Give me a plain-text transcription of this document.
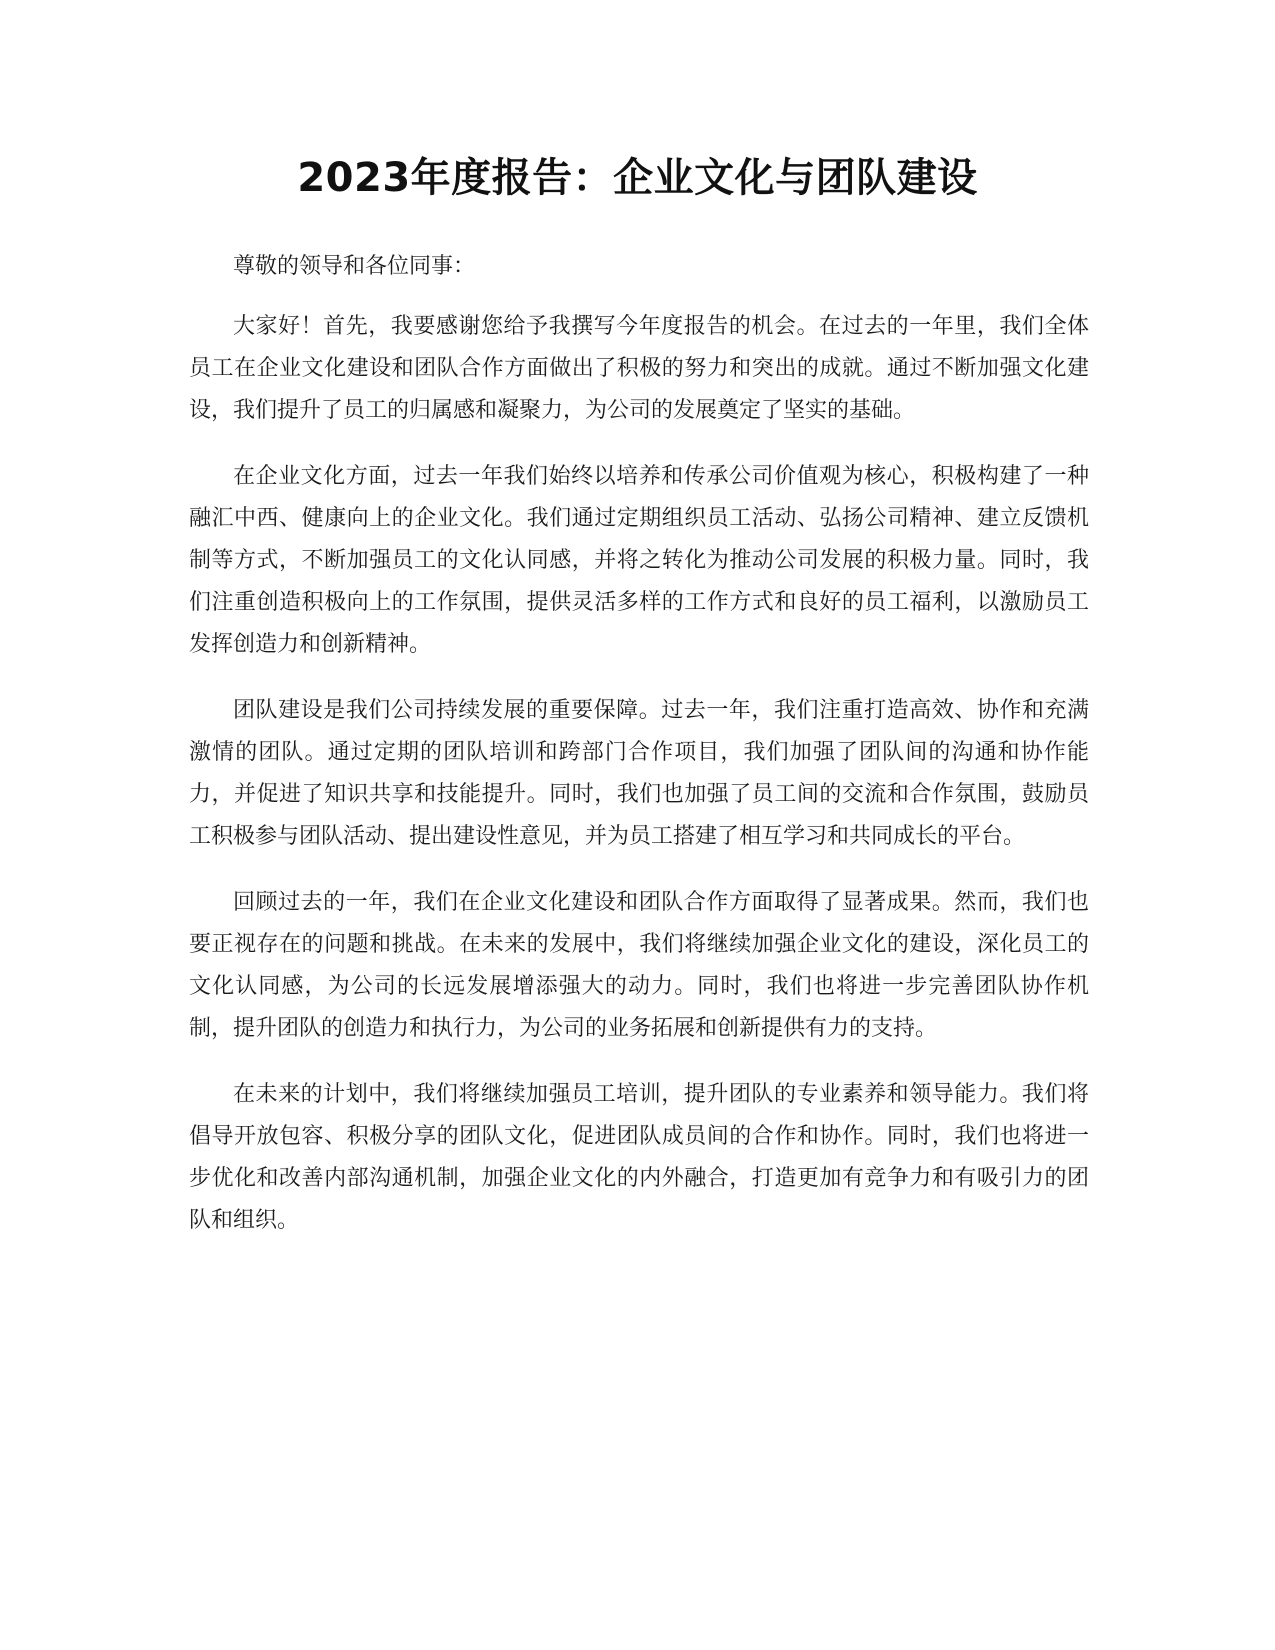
2023年度报告：企业文化与团队建设

尊敬的领导和各位同事：

大家好！首先，我要感谢您给予我撰写今年度报告的机会。在过去的一年里，我们全体员工在企业文化建设和团队合作方面做出了积极的努力和突出的成就。通过不断加强文化建设，我们提升了员工的归属感和凝聚力，为公司的发展奠定了坚实的基础。

在企业文化方面，过去一年我们始终以培养和传承公司价值观为核心，积极构建了一种融汇中西、健康向上的企业文化。我们通过定期组织员工活动、弘扬公司精神、建立反馈机制等方式，不断加强员工的文化认同感，并将之转化为推动公司发展的积极力量。同时，我们注重创造积极向上的工作氛围，提供灵活多样的工作方式和良好的员工福利，以激励员工发挥创造力和创新精神。

团队建设是我们公司持续发展的重要保障。过去一年，我们注重打造高效、协作和充满激情的团队。通过定期的团队培训和跨部门合作项目，我们加强了团队间的沟通和协作能力，并促进了知识共享和技能提升。同时，我们也加强了员工间的交流和合作氛围，鼓励员工积极参与团队活动、提出建设性意见，并为员工搭建了相互学习和共同成长的平台。

回顾过去的一年，我们在企业文化建设和团队合作方面取得了显著成果。然而，我们也要正视存在的问题和挑战。在未来的发展中，我们将继续加强企业文化的建设，深化员工的文化认同感，为公司的长远发展增添强大的动力。同时，我们也将进一步完善团队协作机制，提升团队的创造力和执行力，为公司的业务拓展和创新提供有力的支持。

在未来的计划中，我们将继续加强员工培训，提升团队的专业素养和领导能力。我们将倡导开放包容、积极分享的团队文化，促进团队成员间的合作和协作。同时，我们也将进一步优化和改善内部沟通机制，加强企业文化的内外融合，打造更加有竞争力和有吸引力的团队和组织。
